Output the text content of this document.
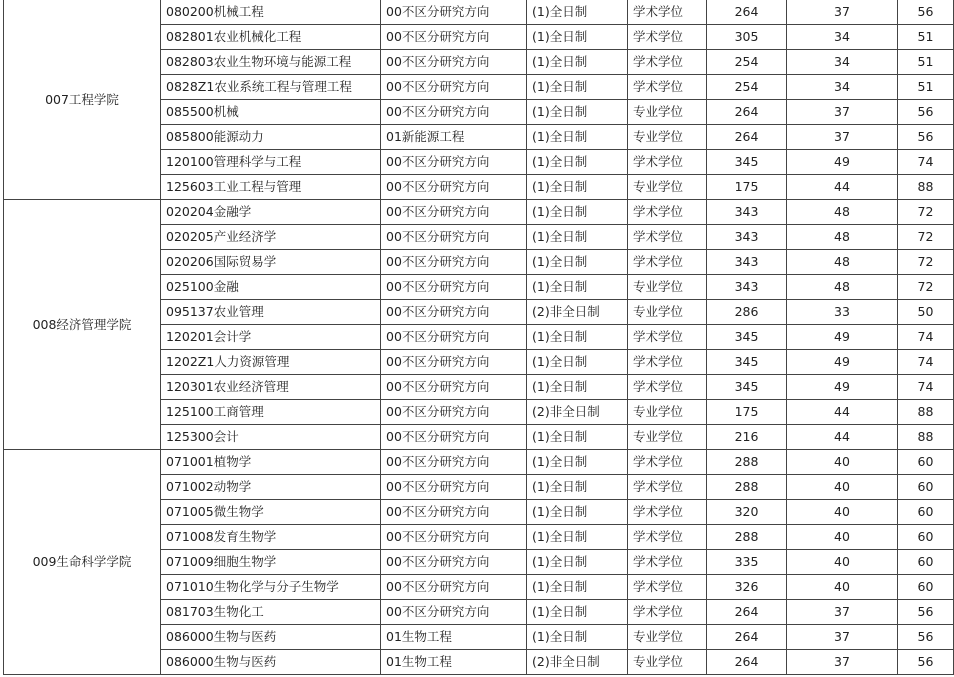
007工程学院	080200机械工程	00不区分研究方向	(1)全日制	学术学位	264	37	56	
	082801农业机械化工程	00不区分研究方向	(1)全日制	学术学位	305	34	51	
	082803农业生物环境与能源工程	00不区分研究方向	(1)全日制	学术学位	254	34	51	
	0828Z1农业系统工程与管理工程	00不区分研究方向	(1)全日制	学术学位	254	34	51	
	085500机械	00不区分研究方向	(1)全日制	专业学位	264	37	56	
	085800能源动力	01新能源工程	(1)全日制	专业学位	264	37	56	
	120100管理科学与工程	00不区分研究方向	(1)全日制	学术学位	345	49	74	
	125603工业工程与管理	00不区分研究方向	(1)全日制	专业学位	175	44	88	
008经济管理学院	020204金融学	00不区分研究方向	(1)全日制	学术学位	343	48	72	
	020205产业经济学	00不区分研究方向	(1)全日制	学术学位	343	48	72	
	020206国际贸易学	00不区分研究方向	(1)全日制	学术学位	343	48	72	
	025100金融	00不区分研究方向	(1)全日制	专业学位	343	48	72	
	095137农业管理	00不区分研究方向	(2)非全日制	专业学位	286	33	50	
	120201会计学	00不区分研究方向	(1)全日制	学术学位	345	49	74	
	1202Z1人力资源管理	00不区分研究方向	(1)全日制	学术学位	345	49	74	
	120301农业经济管理	00不区分研究方向	(1)全日制	学术学位	345	49	74	
	125100工商管理	00不区分研究方向	(2)非全日制	专业学位	175	44	88	
	125300会计	00不区分研究方向	(1)全日制	专业学位	216	44	88	
009生命科学学院	071001植物学	00不区分研究方向	(1)全日制	学术学位	288	40	60	
	071002动物学	00不区分研究方向	(1)全日制	学术学位	288	40	60	
	071005微生物学	00不区分研究方向	(1)全日制	学术学位	320	40	60	
	071008发育生物学	00不区分研究方向	(1)全日制	学术学位	288	40	60	
	071009细胞生物学	00不区分研究方向	(1)全日制	学术学位	335	40	60	
	071010生物化学与分子生物学	00不区分研究方向	(1)全日制	学术学位	326	40	60	
	081703生物化工	00不区分研究方向	(1)全日制	学术学位	264	37	56	
	086000生物与医药	01生物工程	(1)全日制	专业学位	264	37	56	
	086000生物与医药	01生物工程	(2)非全日制	专业学位	264	37	56	
